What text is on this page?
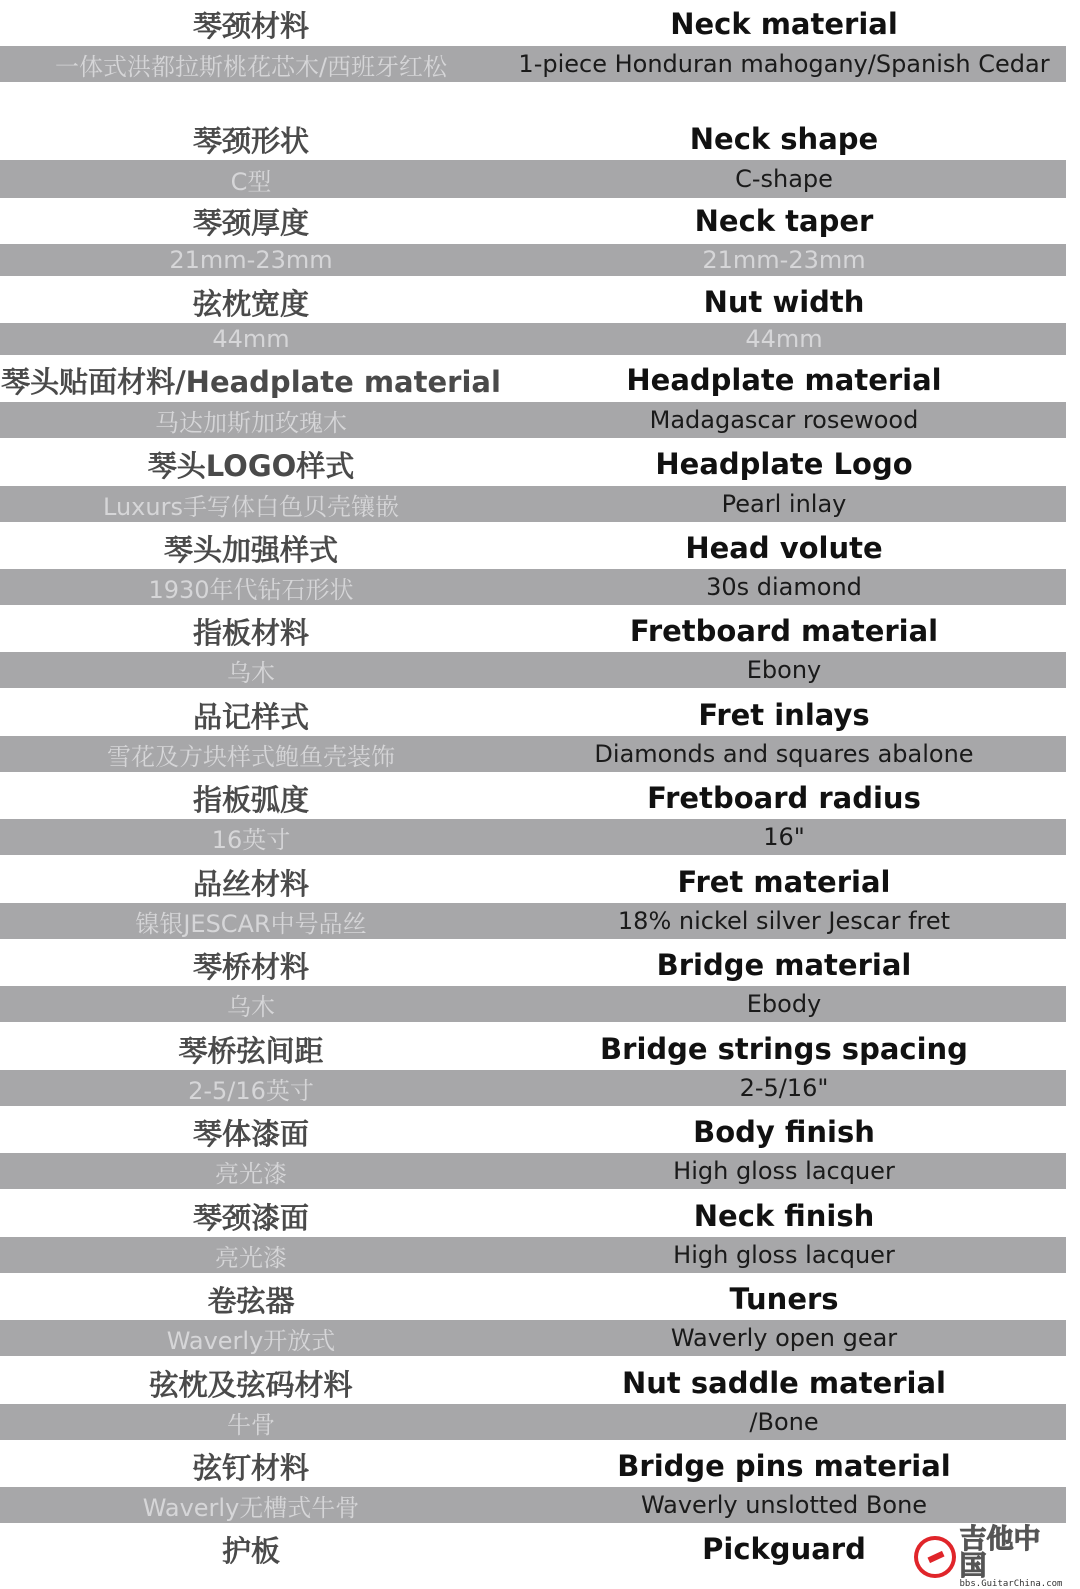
琴颈材料	Neck material
一体式洪都拉斯桃花芯木/西班牙红松	1-piece Honduran mahogany/Spanish Cedar
琴颈形状	Neck shape
C型	C-shape
琴颈厚度	Neck taper
21mm-23mm	21mm-23mm
弦枕宽度	Nut width
44mm	44mm
琴头贴面材料/Headplate material	Headplate material
马达加斯加玫瑰木	Madagascar rosewood
琴头LOGO样式	Headplate Logo
Luxurs手写体白色贝壳镶嵌	Pearl inlay
琴头加强样式	Head volute
1930年代钻石形状	30s diamond
指板材料	Fretboard material
乌木	Ebony
品记样式	Fret inlays
雪花及方块样式鲍鱼壳装饰	Diamonds and squares abalone
指板弧度	Fretboard radius
16英寸	16"
品丝材料	Fret material
镍银JESCAR中号品丝	18% nickel silver Jescar fret
琴桥材料	Bridge material
乌木	Ebody
琴桥弦间距	Bridge strings spacing
2-5/16英寸	2-5/16"
琴体漆面	Body finish
亮光漆	High gloss lacquer
琴颈漆面	Neck finish
亮光漆	High gloss lacquer
卷弦器	Tuners
Waverly开放式	Waverly open gear
弦枕及弦码材料	Nut saddle material
牛骨	/Bone
弦钉材料	Bridge pins material
Waverly无槽式牛骨	Waverly unslotted Bone
护板	Pickguard	吉他中国
bbs.GuitarChina.com
